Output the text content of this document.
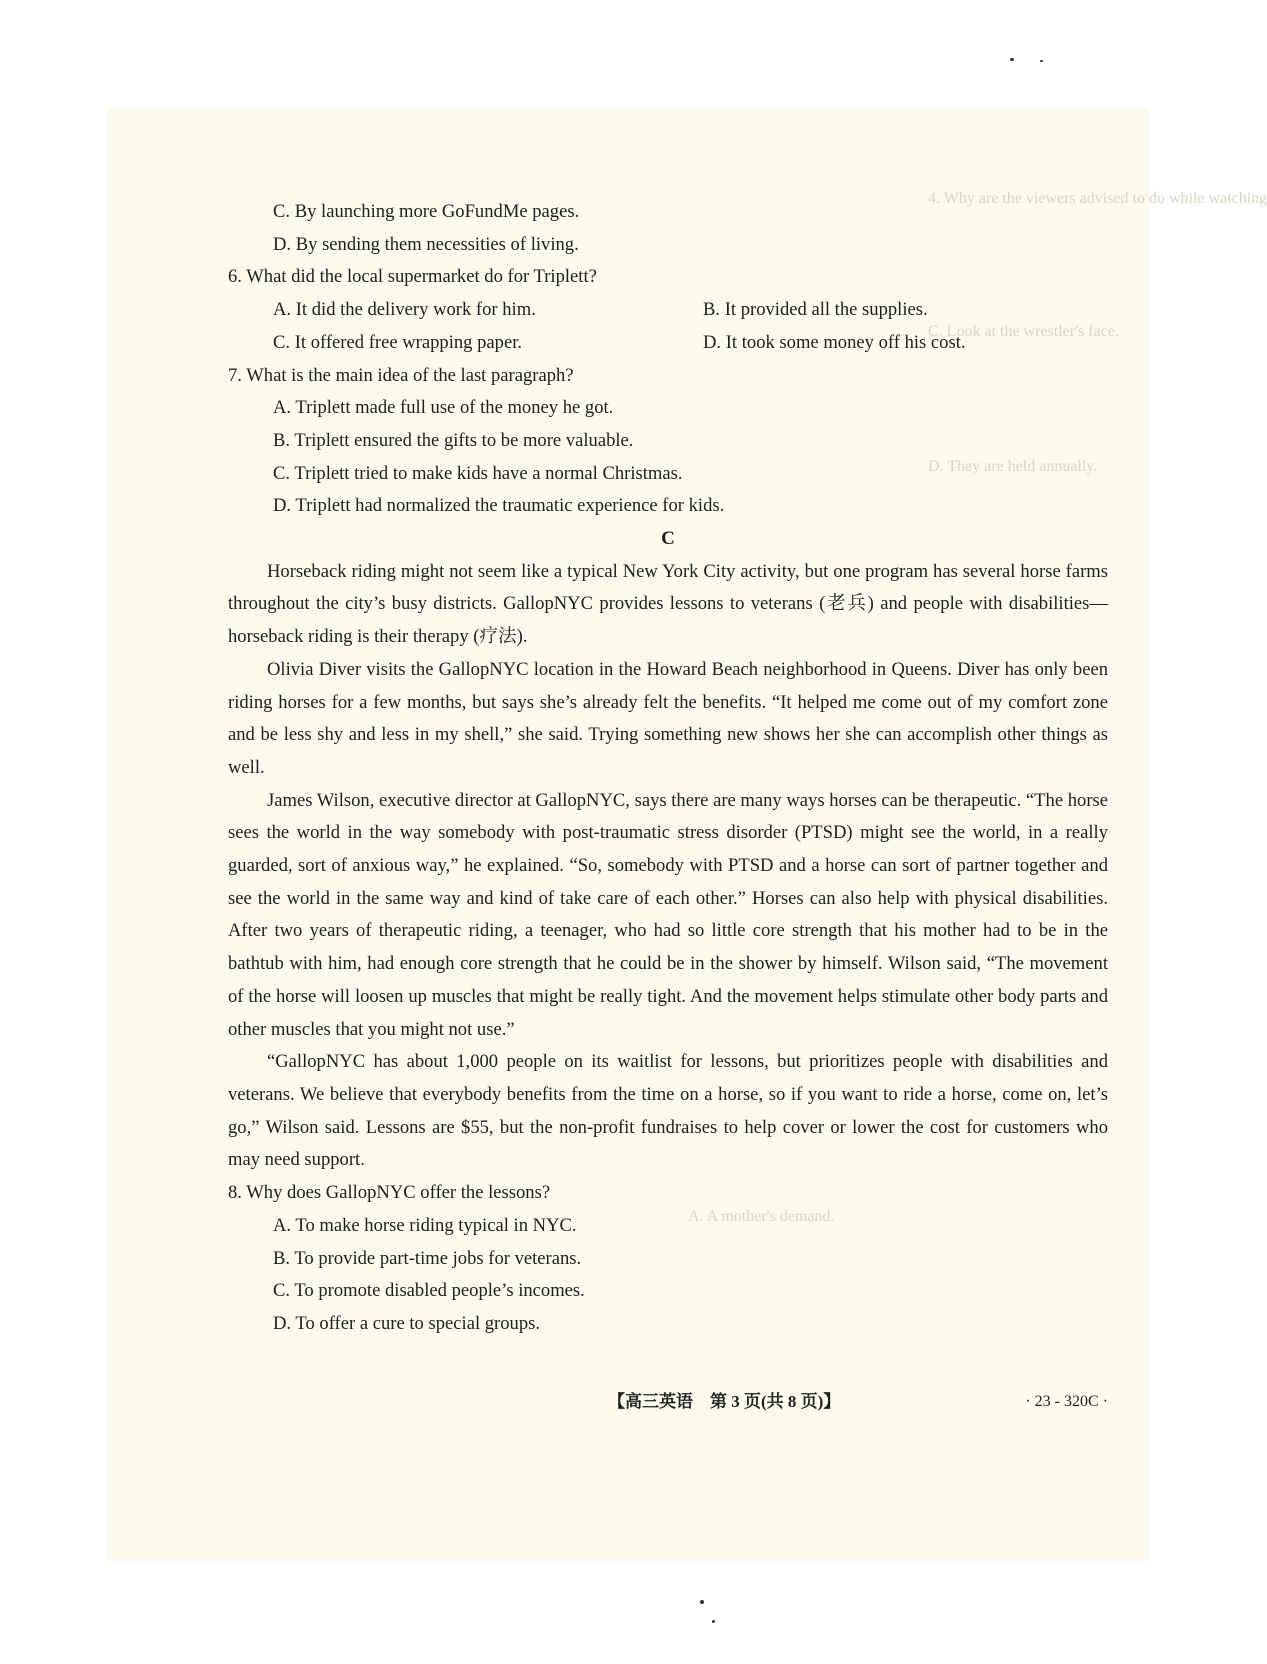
4. Why are the viewers advised to do while watching
C. Look at the wrestler's face.
D. They are held annually.
A. A mother's demand.
C. By launching more GoFundMe pages.
D. By sending them necessities of living.
6. What did the local supermarket do for Triplett?
A. It did the delivery work for him.	B. It provided all the supplies.
C. It offered free wrapping paper.	D. It took some money off his cost.
7. What is the main idea of the last paragraph?
A. Triplett made full use of the money he got.
B. Triplett ensured the gifts to be more valuable.
C. Triplett tried to make kids have a normal Christmas.
D. Triplett had normalized the traumatic experience for kids.
C
Horseback riding might not seem like a typical New York City activity, but one program has several horse farms throughout the city’s busy districts. GallopNYC provides lessons to veterans (老兵) and people with disabilities—horseback riding is their therapy (疗法).
Olivia Diver visits the GallopNYC location in the Howard Beach neighborhood in Queens. Diver has only been riding horses for a few months, but says she’s already felt the benefits. “It helped me come out of my comfort zone and be less shy and less in my shell,” she said. Trying something new shows her she can accomplish other things as well.
James Wilson, executive director at GallopNYC, says there are many ways horses can be therapeutic. “The horse sees the world in the way somebody with post-traumatic stress disorder (PTSD) might see the world, in a really guarded, sort of anxious way,” he explained. “So, somebody with PTSD and a horse can sort of partner together and see the world in the same way and kind of take care of each other.” Horses can also help with physical disabilities. After two years of therapeutic riding, a teenager, who had so little core strength that his mother had to be in the bathtub with him, had enough core strength that he could be in the shower by himself. Wilson said, “The movement of the horse will loosen up muscles that might be really tight. And the movement helps stimulate other body parts and other muscles that you might not use.”
“GallopNYC has about 1,000 people on its waitlist for lessons, but prioritizes people with disabilities and veterans. We believe that everybody benefits from the time on a horse, so if you want to ride a horse, come on, let’s go,” Wilson said. Lessons are $55, but the non-profit fundraises to help cover or lower the cost for customers who may need support.
8. Why does GallopNYC offer the lessons?
A. To make horse riding typical in NYC.
B. To provide part-time jobs for veterans.
C. To promote disabled people’s incomes.
D. To offer a cure to special groups.
【高三英语　第 3 页(共 8 页)】	· 23 - 320C ·
